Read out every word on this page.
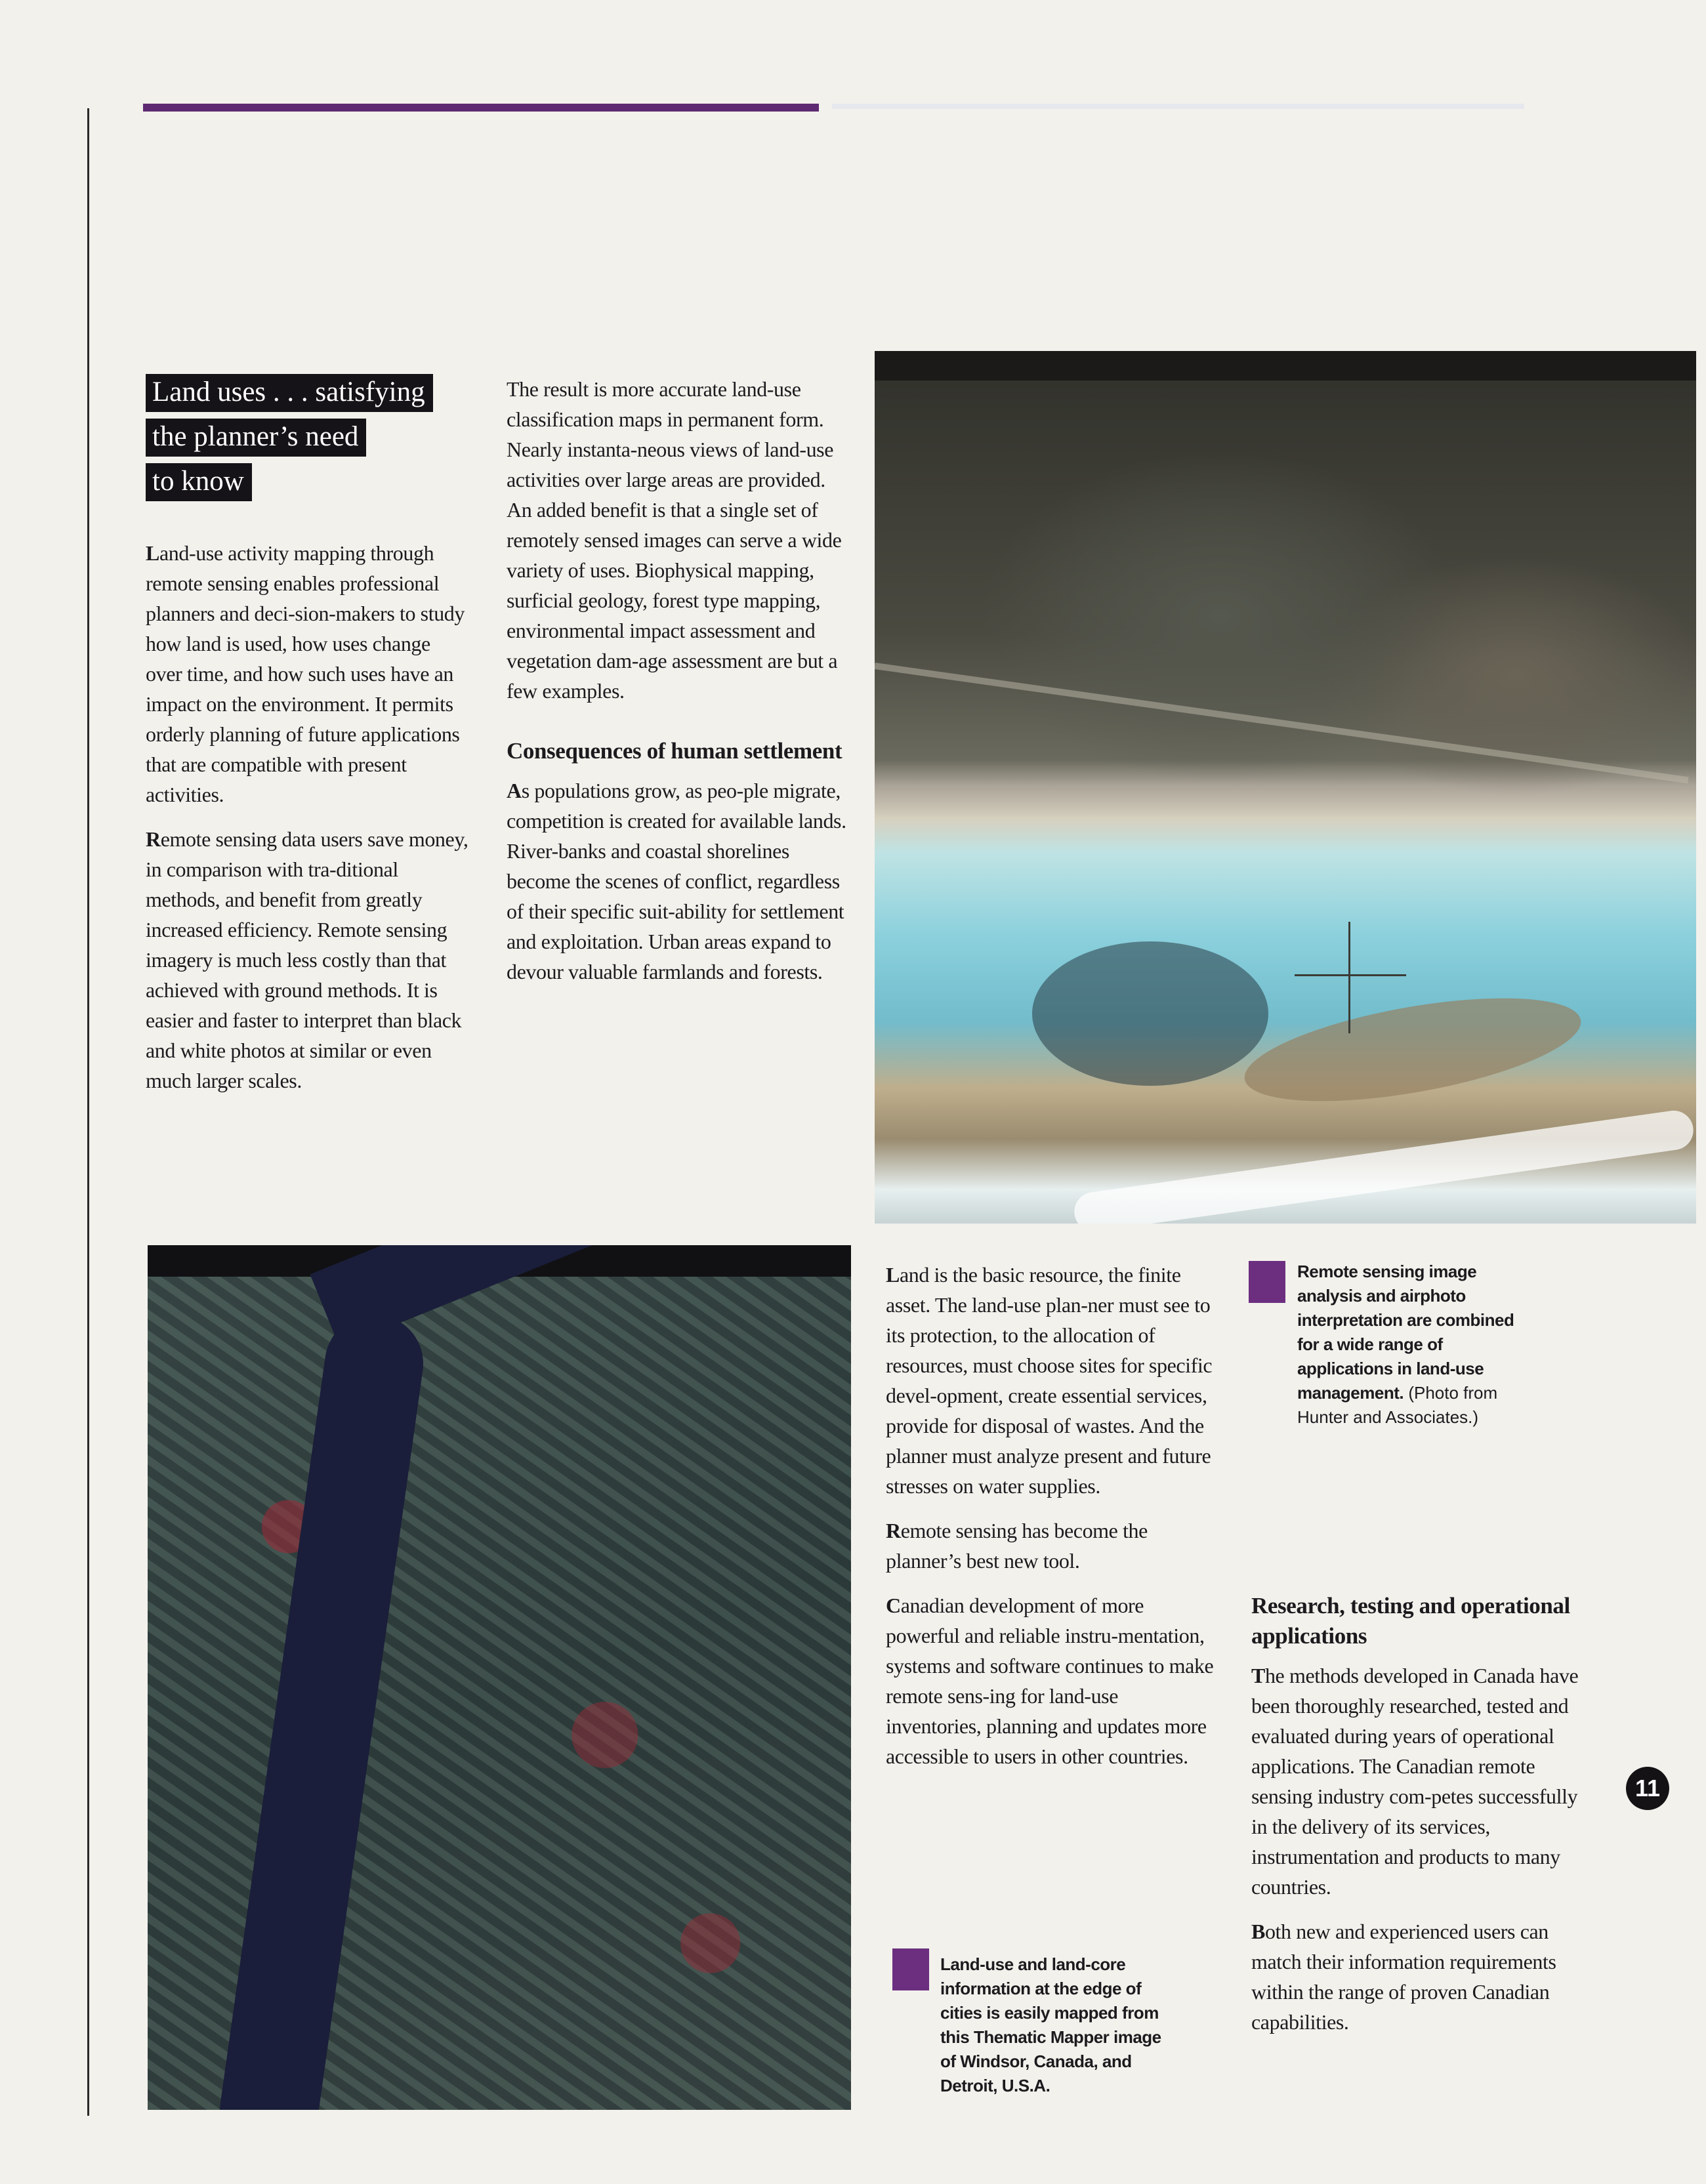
Land uses . . . satisfying
the planner’s need
to know

Land-use activity mapping through remote sensing enables professional planners and deci-sion-makers to study how land is used, how uses change over time, and how such uses have an impact on the environment. It permits orderly planning of future applications that are compatible with present activities.

Remote sensing data users save money, in comparison with tra-ditional methods, and benefit from greatly increased efficiency. Remote sensing imagery is much less costly than that achieved with ground methods. It is easier and faster to interpret than black and white photos at similar or even much larger scales.

The result is more accurate land-use classification maps in permanent form. Nearly instanta-neous views of land-use activities over large areas are provided. An added benefit is that a single set of remotely sensed images can serve a wide variety of uses. Biophysical mapping, surficial geology, forest type mapping, environmental impact assessment and vegetation dam-age assessment are but a few examples.

Consequences of human settlement

As populations grow, as peo-ple migrate, competition is created for available lands. River-banks and coastal shorelines become the scenes of conflict, regardless of their specific suit-ability for settlement and exploitation. Urban areas expand to devour valuable farmlands and forests.

Land is the basic resource, the finite asset. The land-use plan-ner must see to its protection, to the allocation of resources, must choose sites for specific devel-opment, create essential services, provide for disposal of wastes. And the planner must analyze present and future stresses on water supplies.

Remote sensing has become the planner’s best new tool.

Canadian development of more powerful and reliable instru-mentation, systems and software continues to make remote sens-ing for land-use inventories, planning and updates more accessible to users in other countries.

Land-use and land-core information at the edge of cities is easily mapped from this Thematic Mapper image of Windsor, Canada, and Detroit, U.S.A.
Remote sensing image analysis and airphoto interpretation are combined for a wide range of applications in land-use management. (Photo from Hunter and Associates.)
Research, testing and operational applications

The methods developed in Canada have been thoroughly researched, tested and evaluated during years of operational applications. The Canadian remote sensing industry com-petes successfully in the delivery of its services, instrumentation and products to many countries.

Both new and experienced users can match their information requirements within the range of proven Canadian capabilities.

11
